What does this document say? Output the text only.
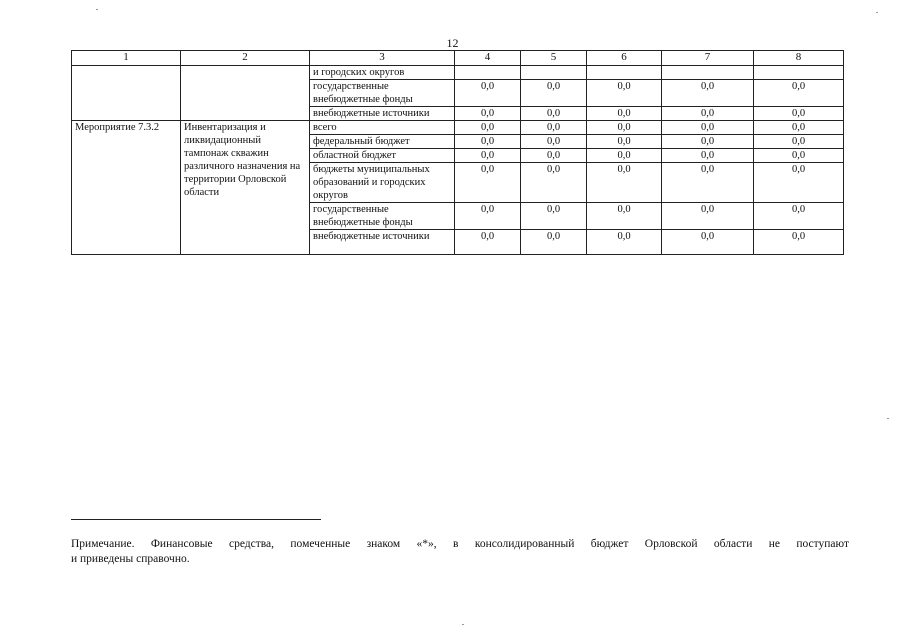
12
1	2	3	4	5	6	7	8
		и городских округов					
		государственные внебюджетные фонды	0,0	0,0	0,0	0,0	0,0
		внебюджетные источники	0,0	0,0	0,0	0,0	0,0
Мероприятие 7.3.2	Инвентаризация и ликвидационный тампонаж скважин различного назначения на территории Орловской области	всего	0,0	0,0	0,0	0,0	0,0
		федеральный бюджет	0,0	0,0	0,0	0,0	0,0
		областной бюджет	0,0	0,0	0,0	0,0	0,0
		бюджеты муниципальных образований и городских округов	0,0	0,0	0,0	0,0	0,0
		государственные внебюджетные фонды	0,0	0,0	0,0	0,0	0,0
		внебюджетные источники	0,0	0,0	0,0	0,0	0,0
Примечание. Финансовые средства, помеченные знаком «*», в консолидированный бюджет Орловской области не поступают
и приведены справочно.
